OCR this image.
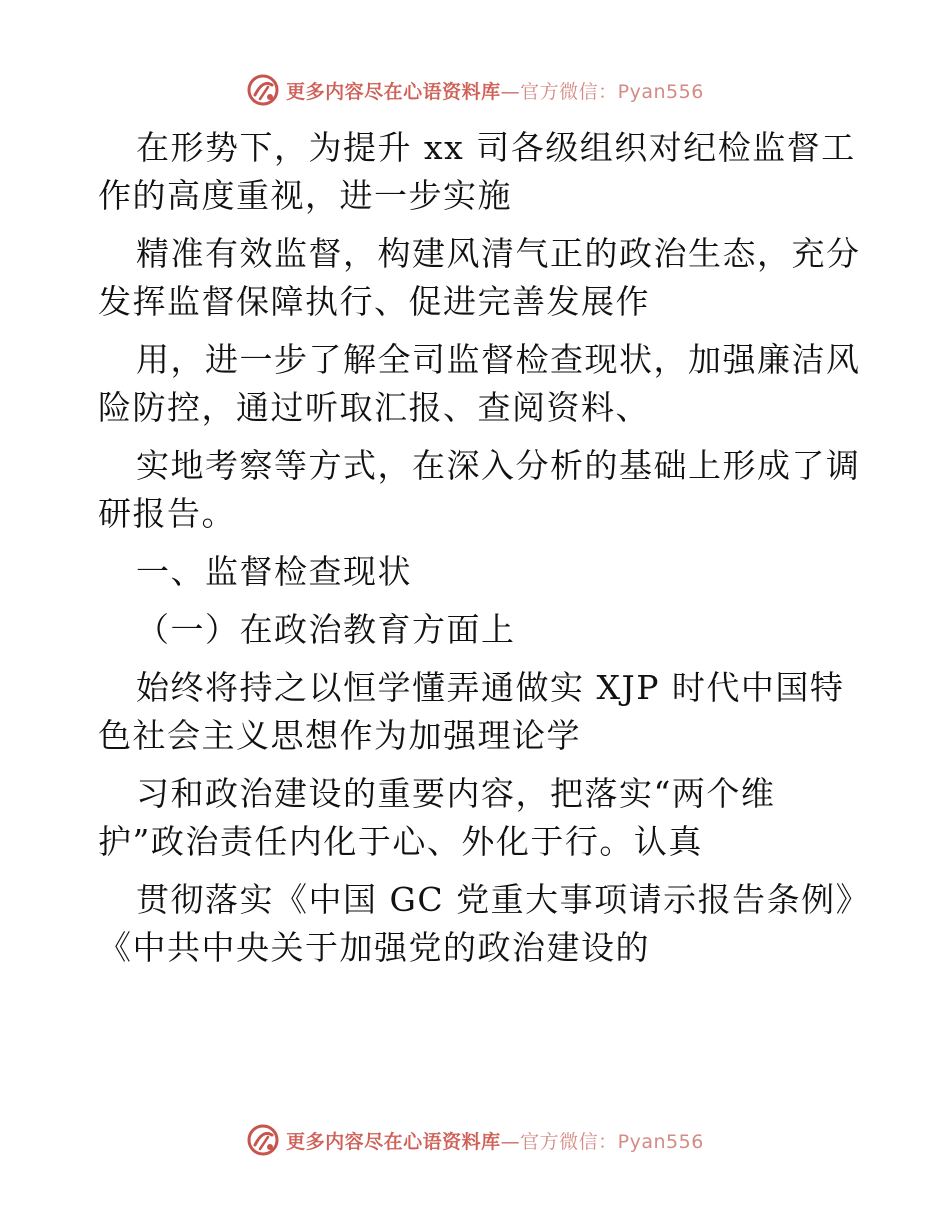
更多内容尽在心语资料库—官方微信：Pyan556
在形势下，为提升 xx 司各级组织对纪检监督工
作的高度重视，进一步实施
精准有效监督，构建风清气正的政治生态，充分
发挥监督保障执行、促进完善发展作
用，进一步了解全司监督检查现状，加强廉洁风
险防控，通过听取汇报、查阅资料、
实地考察等方式，在深入分析的基础上形成了调
研报告。
一、监督检查现状
（一）在政治教育方面上
始终将持之以恒学懂弄通做实 XJP 时代中国特
色社会主义思想作为加强理论学
习和政治建设的重要内容，把落实“两个维
护”政治责任内化于心、外化于行。认真
贯彻落实《中国 GC 党重大事项请示报告条例》
《中共中央关于加强党的政治建设的
更多内容尽在心语资料库—官方微信：Pyan556
